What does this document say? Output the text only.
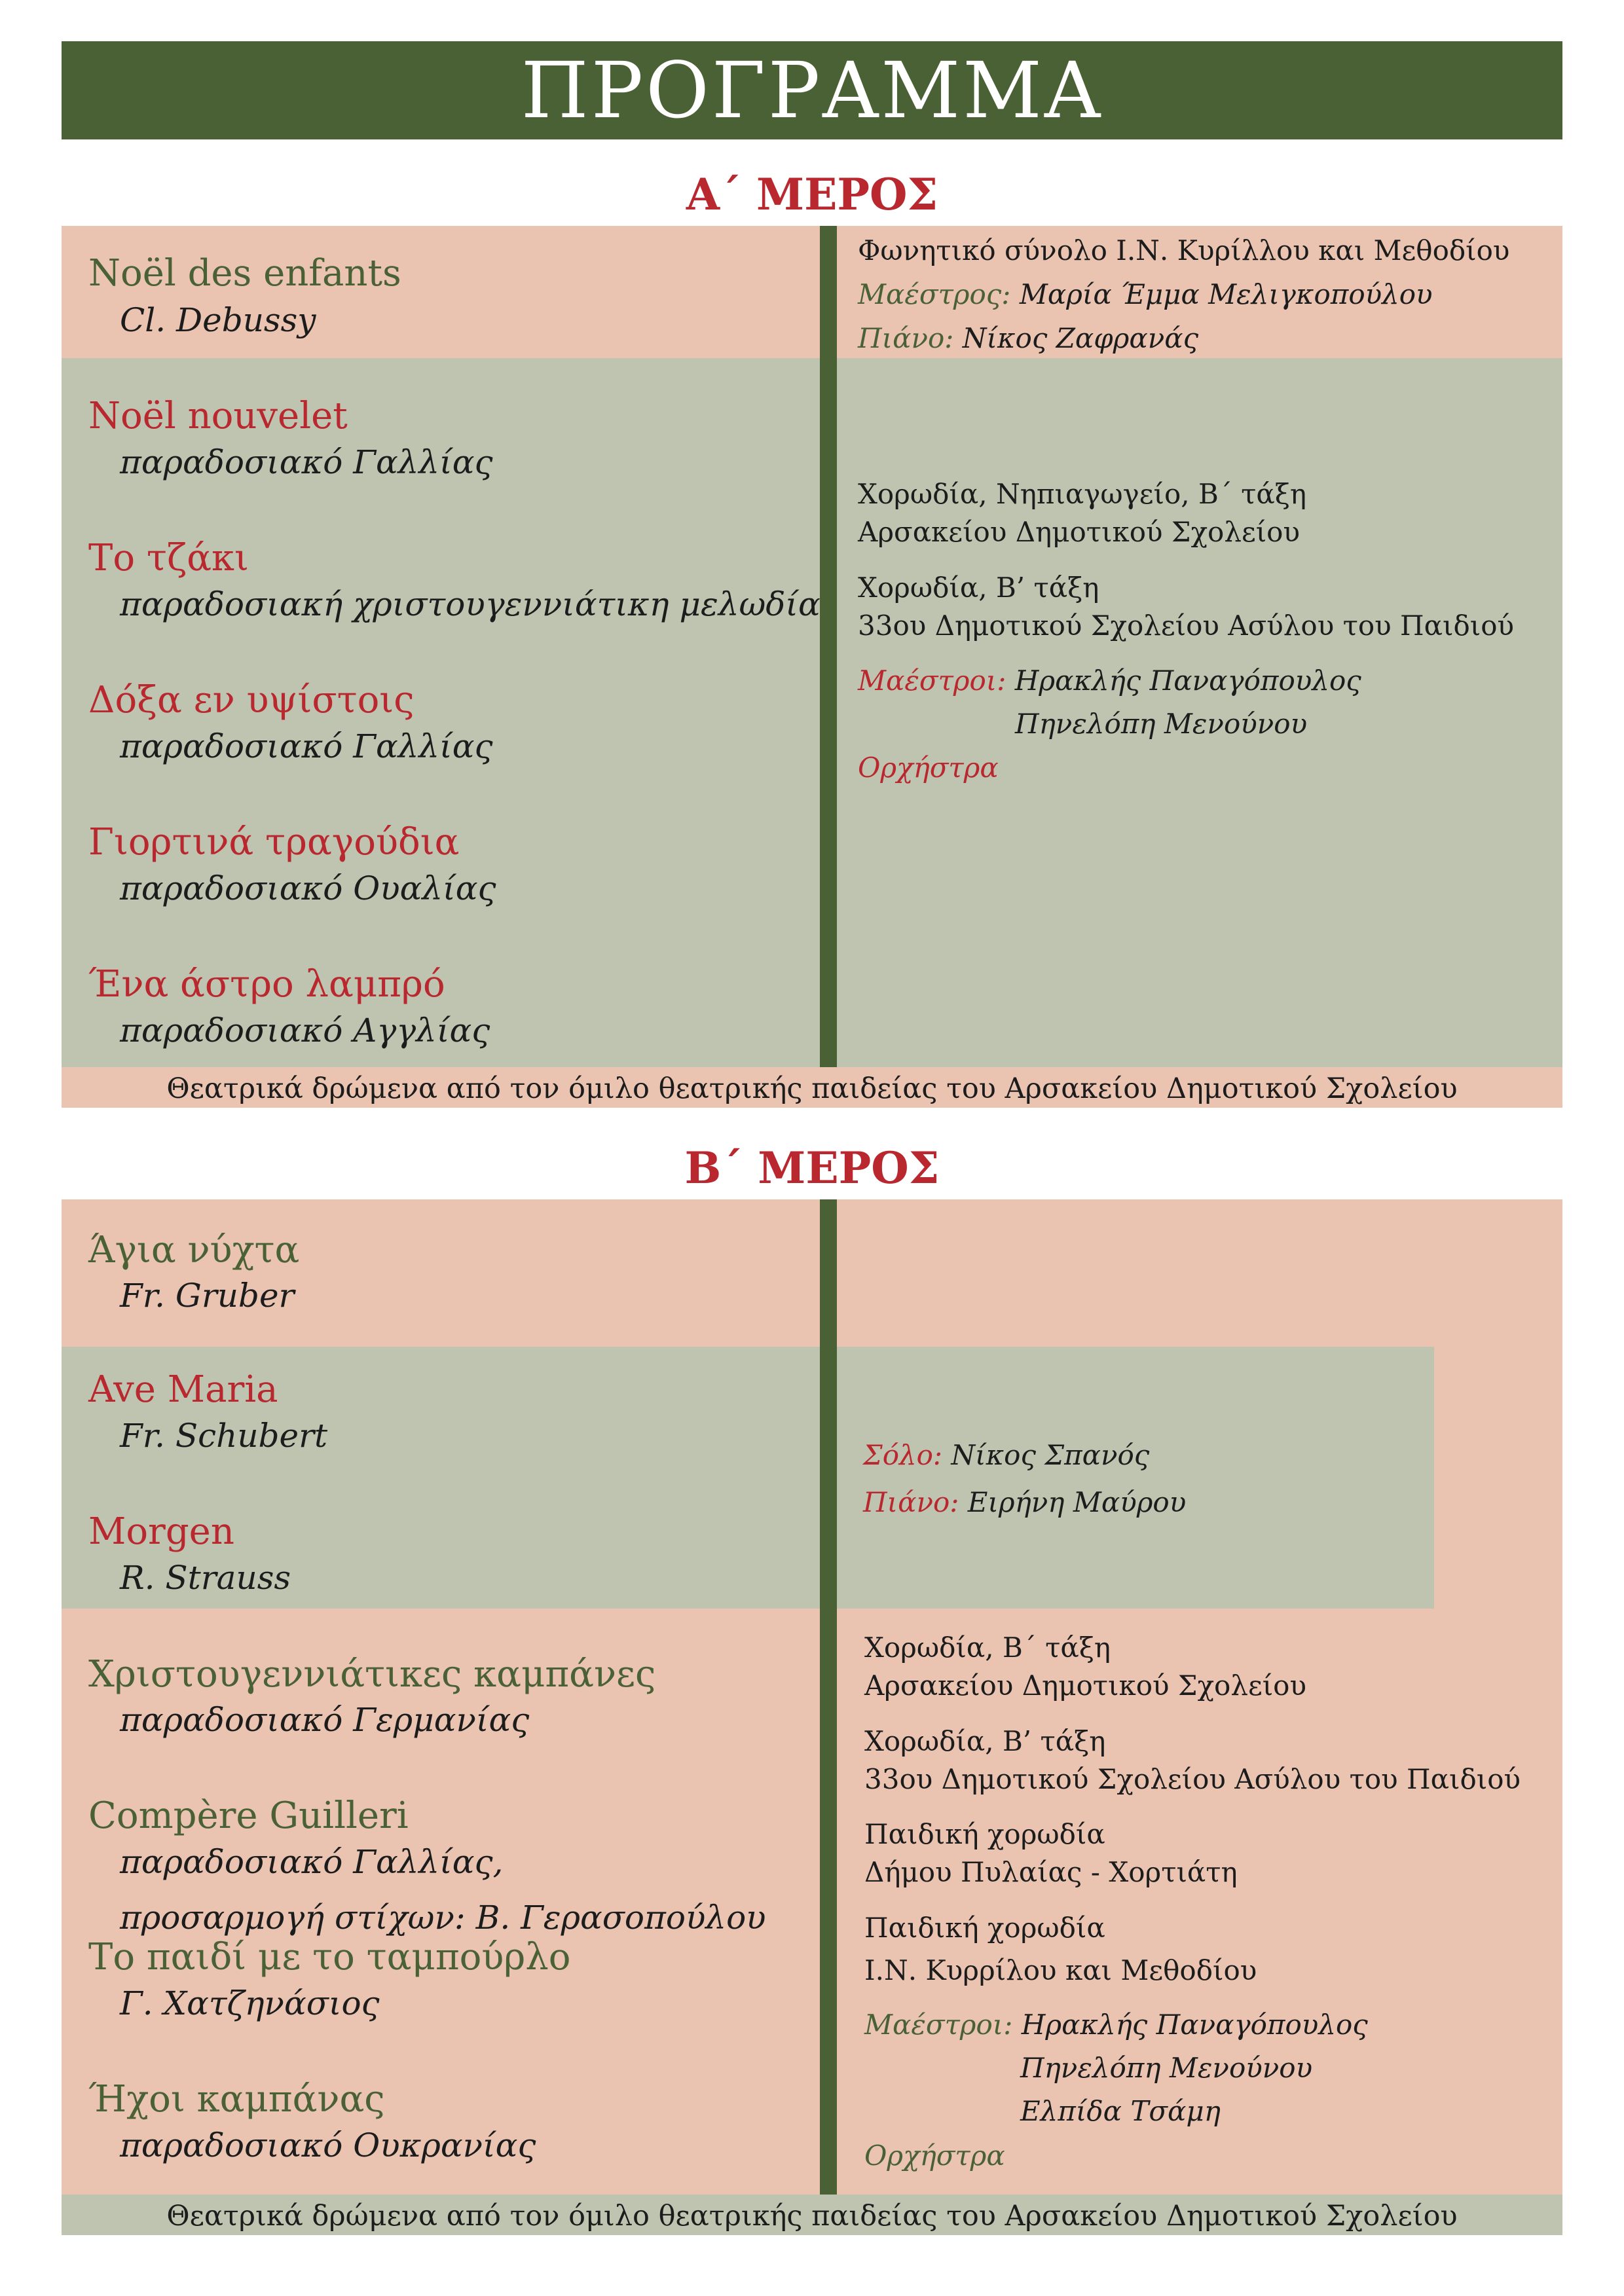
ΠΡΟΓΡΑΜΜΑ
Α΄ ΜΕΡΟΣ
Noël des enfants
Cl. Debussy
Noël nouvelet
παραδοσιακό Γαλλίας
Το τζάκι
παραδοσιακή χριστουγεννιάτικη μελωδία
Δόξα εν υψίστοις
παραδοσιακό Γαλλίας
Γιορτινά τραγούδια
παραδοσιακό Ουαλίας
Ένα άστρο λαμπρό
παραδοσιακό Αγγλίας
Φωνητικό σύνολο Ι.Ν. Κυρίλλου και Μεθοδίου
Μαέστρος: Μαρία Έμμα Μελιγκοπούλου
Πιάνο: Νίκος Ζαφρανάς
Χορωδία, Νηπιαγωγείο, Β΄ τάξη
Αρσακείου Δημοτικού Σχολείου
Χορωδία, Β’ τάξη
33ου Δημοτικού Σχολείου Ασύλου του Παιδιού
Μαέστροι: Ηρακλής Παναγόπουλος
Πηνελόπη Μενούνου
Ορχήστρα
Θεατρικά δρώμενα από τον όμιλο θεατρικής παιδείας του Αρσακείου Δημοτικού Σχολείου
Β΄ ΜΕΡΟΣ
Άγια νύχτα
Fr. Gruber
Ave Maria
Fr. Schubert
Morgen
R. Strauss
Χριστουγεννιάτικες καμπάνες
παραδοσιακό Γερμανίας
Compère Guilleri
παραδοσιακό Γαλλίας,
προσαρμογή στίχων: Β. Γερασοπούλου
Το παιδί με το ταμπούρλο
Γ. Χατζηνάσιος
Ήχοι καμπάνας
παραδοσιακό Ουκρανίας
Σόλο: Νίκος Σπανός
Πιάνο: Ειρήνη Μαύρου
Χορωδία, Β΄ τάξη
Αρσακείου Δημοτικού Σχολείου
Χορωδία, Β’ τάξη
33ου Δημοτικού Σχολείου Ασύλου του Παιδιού
Παιδική χορωδία
Δήμου Πυλαίας - Χορτιάτη
Παιδική χορωδία
Ι.Ν. Κυρρίλου και Μεθοδίου
Μαέστροι: Ηρακλής Παναγόπουλος
Πηνελόπη Μενούνου
Ελπίδα Τσάμη
Ορχήστρα
Θεατρικά δρώμενα από τον όμιλο θεατρικής παιδείας του Αρσακείου Δημοτικού Σχολείου
